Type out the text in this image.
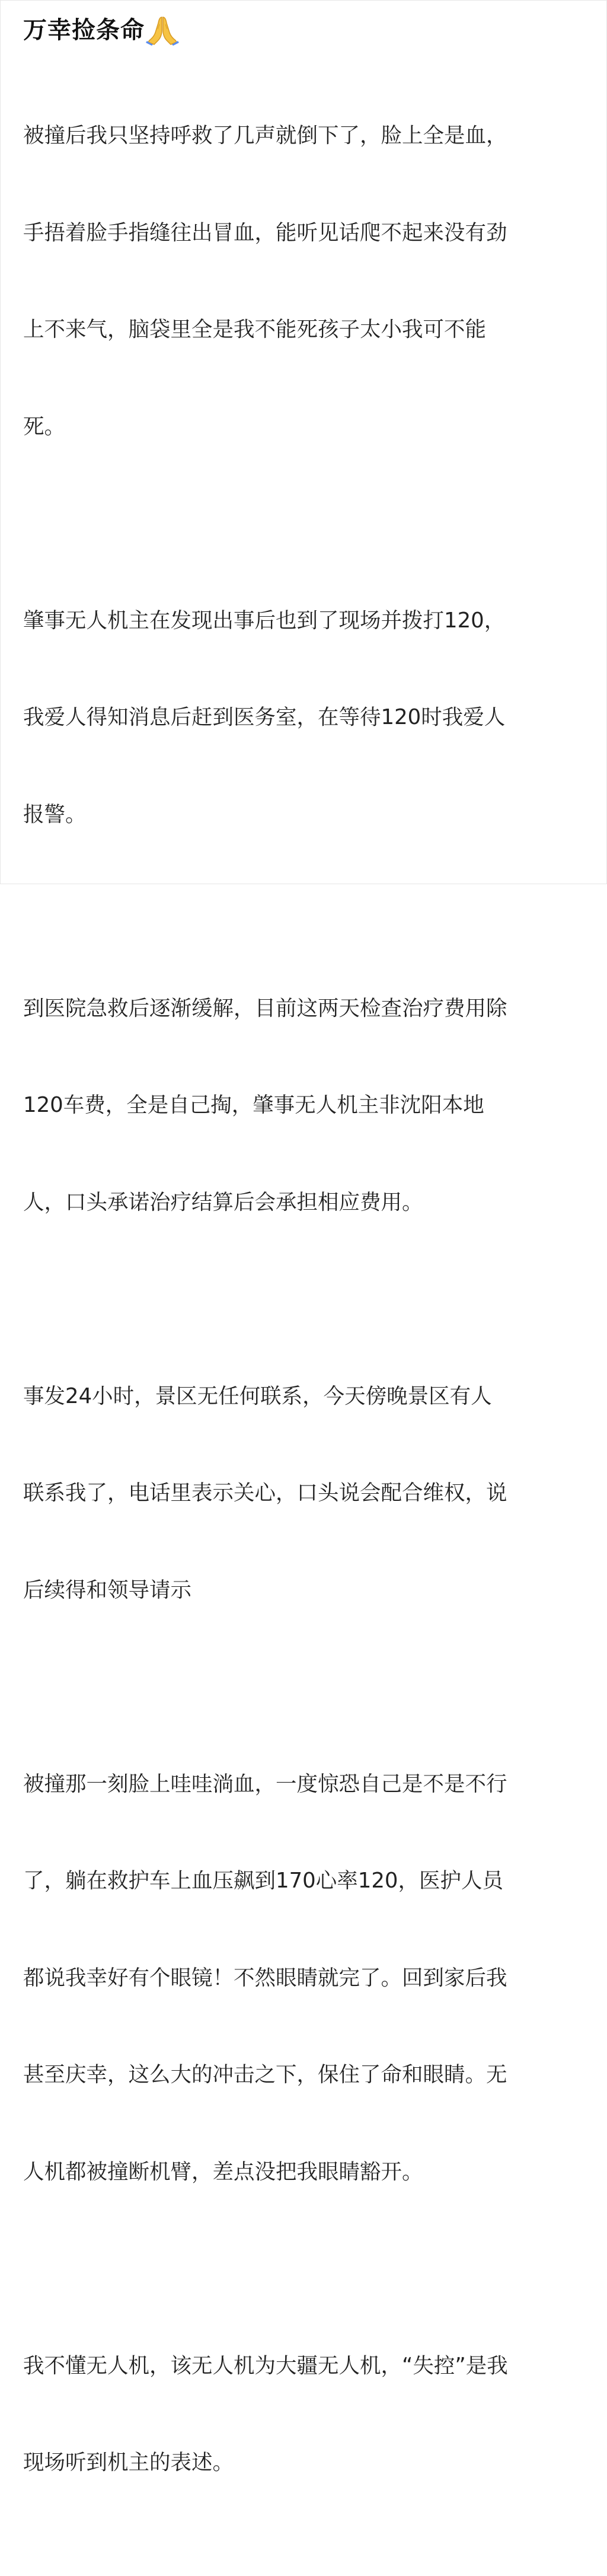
万幸捡条命

被撞后我只坚持呼救了几声就倒下了，脸上全是血，

手捂着脸手指缝往出冒血，能听见话爬不起来没有劲

上不来气，脑袋里全是我不能死孩子太小我可不能

死。

肇事无人机主在发现出事后也到了现场并拨打120，

我爱人得知消息后赶到医务室，在等待120时我爱人

报警。

到医院急救后逐渐缓解，目前这两天检查治疗费用除

120车费，全是自己掏，肇事无人机主非沈阳本地

人，口头承诺治疗结算后会承担相应费用。

事发24小时，景区无任何联系，今天傍晚景区有人

联系我了，电话里表示关心，口头说会配合维权，说

后续得和领导请示

被撞那一刻脸上哇哇淌血，一度惊恐自己是不是不行

了，躺在救护车上血压飙到170心率120，医护人员

都说我幸好有个眼镜！不然眼睛就完了。回到家后我

甚至庆幸，这么大的冲击之下，保住了命和眼睛。无

人机都被撞断机臂，差点没把我眼睛豁开。

我不懂无人机，该无人机为大疆无人机，“失控”是我

现场听到机主的表述。
